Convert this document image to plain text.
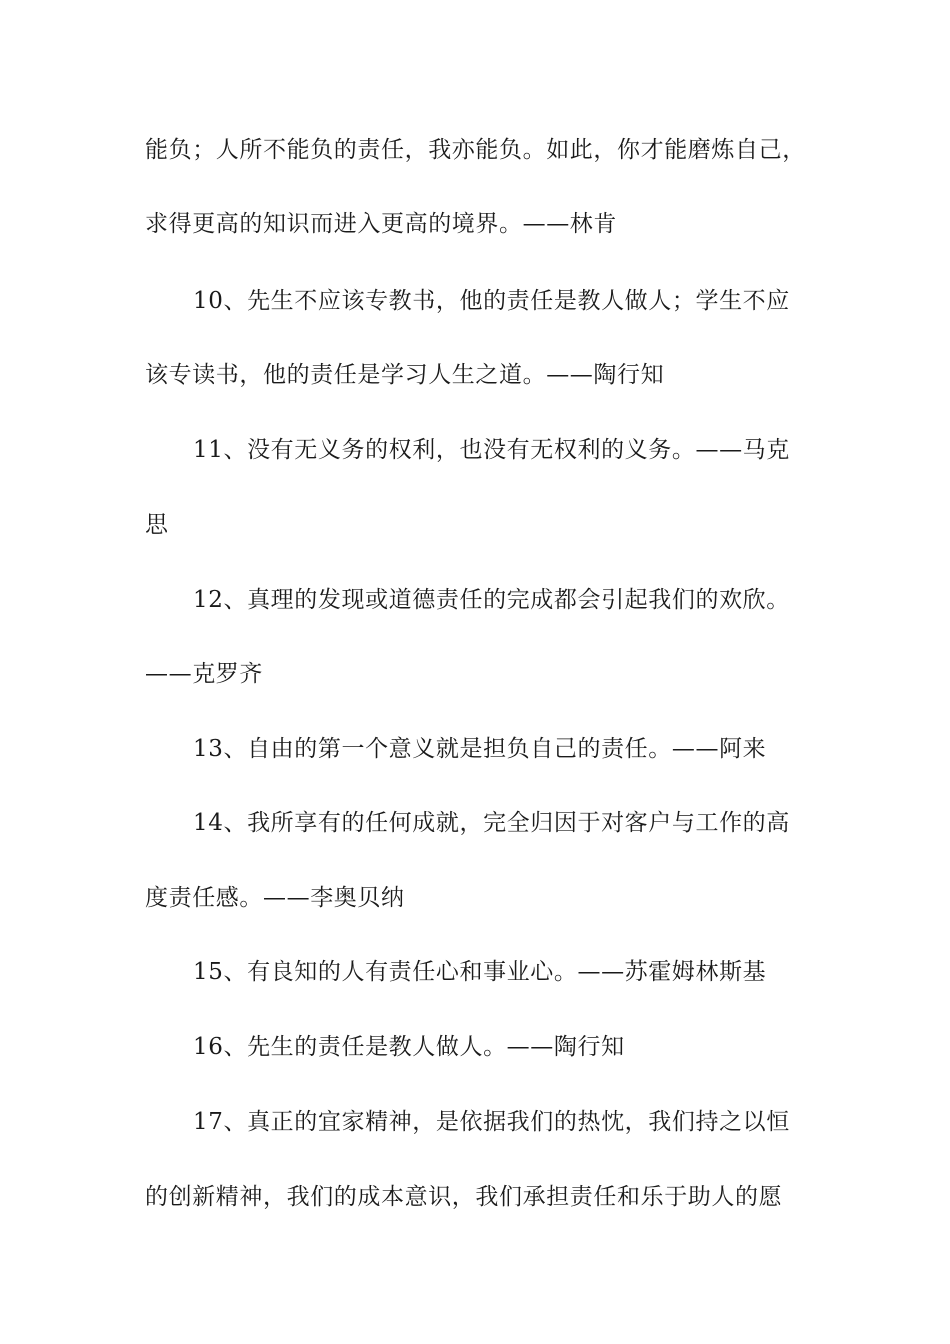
能负；人所不能负的责任，我亦能负。如此，你才能磨炼自己，
求得更高的知识而进入更高的境界。——林肯
10、先生不应该专教书，他的责任是教人做人；学生不应
该专读书，他的责任是学习人生之道。——陶行知
11、没有无义务的权利，也没有无权利的义务。——马克
思
12、真理的发现或道德责任的完成都会引起我们的欢欣。
——克罗齐
13、自由的第一个意义就是担负自己的责任。——阿来
14、我所享有的任何成就，完全归因于对客户与工作的高
度责任感。——李奥贝纳
15、有良知的人有责任心和事业心。——苏霍姆林斯基
16、先生的责任是教人做人。——陶行知
17、真正的宜家精神，是依据我们的热忱，我们持之以恒
的创新精神，我们的成本意识，我们承担责任和乐于助人的愿
